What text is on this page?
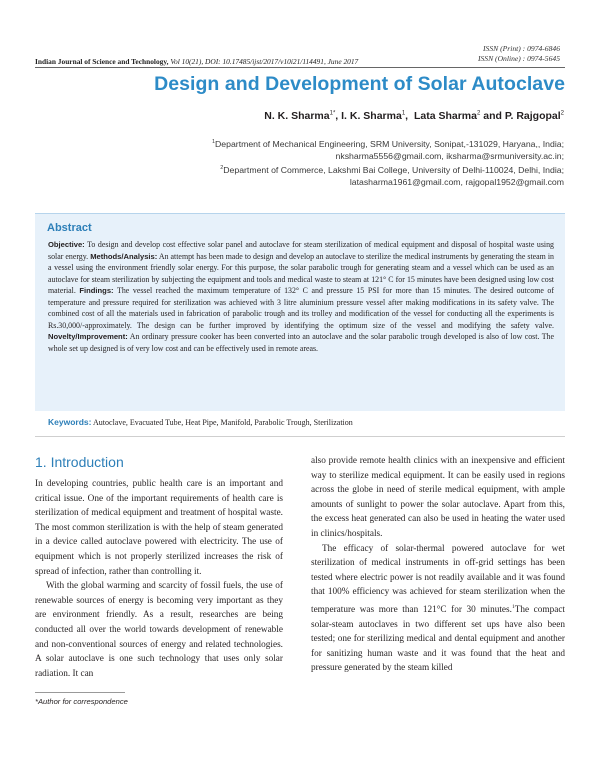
ISSN (Print) : 0974-6846
ISSN (Online) : 0974-5645
Indian Journal of Science and Technology, Vol 10(21), DOI: 10.17485/ijst/2017/v10i21/114491, June 2017
Design and Development of Solar Autoclave
N. K. Sharma$^{1*}$, I. K. Sharma$^1$,  Lata Sharma$^2$ and P. Rajgopal$^2$
$^1$Department of Mechanical Engineering, SRM University, Sonipat,-131029, Haryana,, India;
nksharma5556@gmail.com, iksharma@srmuniversity.ac.in;
$^2$Department of Commerce, Lakshmi Bai College, University of Delhi-110024, Delhi, India;
latasharma1961@gmail.com, rajgopal1952@gmail.com
Abstract
Objective: To design and develop cost effective solar panel and autoclave for steam sterilization of medical equipment and disposal of hospital waste using solar energy. Methods/Analysis: An attempt has been made to design and develop an autoclave to sterilize the medical instruments by generating the steam in a vessel using the environment friendly solar energy. For this purpose, the solar parabolic trough for generating steam and a vessel which can be used as an autoclave for steam sterilization by subjecting the equipment and tools and medical waste to steam at 121° C for 15 minutes have been designed using low cost material. Findings: The vessel reached the maximum temperature of 132° C and pressure 15 PSI for more than 15 minutes. The desired outcome of temperature and pressure required for sterilization was achieved with 3 litre aluminium pressure vessel after making modifications in its safety valve. The combined cost of all the materials used in fabrication of parabolic trough and its trolley and modification of the vessel for conducting all the experiments is Rs.30,000/-approximately. The design can be further improved by identifying the optimum size of the vessel and modifying the safety valve. Novelty/Improvement: An ordinary pressure cooker has been converted into an autoclave and the solar parabolic trough developed is also of low cost. The whole set up designed is of very low cost and can be effectively used in remote areas.
Keywords: Autoclave, Evacuated Tube, Heat Pipe, Manifold, Parabolic Trough, Sterilization
1. Introduction

In developing countries, public health care is an important and critical issue. One of the important requirements of health care is sterilization of medical equipment and treatment of hospital waste. The most common sterilization is with the help of steam generated in a device called autoclave powered with electricity. The use of equipment which is not properly sterilized increases the risk of spread of infection, rather than controlling it.

With the global warming and scarcity of fossil fuels, the use of renewable sources of energy is becoming very important as they are environment friendly. As a result, researches are being conducted all over the world towards development of renewable and non-conventional sources of energy and related technologies. A solar autoclave is one such technology that uses only solar radiation. It can

also provide remote health clinics with an inexpensive and efficient way to sterilize medical equipment. It can be easily used in regions across the globe in need of sterile medical equipment, with ample amounts of sunlight to power the solar autoclave. Apart from this, the excess heat generated can also be used in heating the water used in clinics/hospitals.

The efficacy of solar-thermal powered autoclave for wet sterilization of medical instruments in off-grid settings has been tested where electric power is not readily available and it was found that 100% efficiency was achieved for steam sterilization when the temperature was more than 121°C for 30 minutes.$^1$The compact solar-steam autoclaves in two different set ups have also been tested; one for sterilizing medical and dental equipment and another for sanitizing human waste and it was found that the heat and pressure generated by the steam killed

*Author for correspondence
